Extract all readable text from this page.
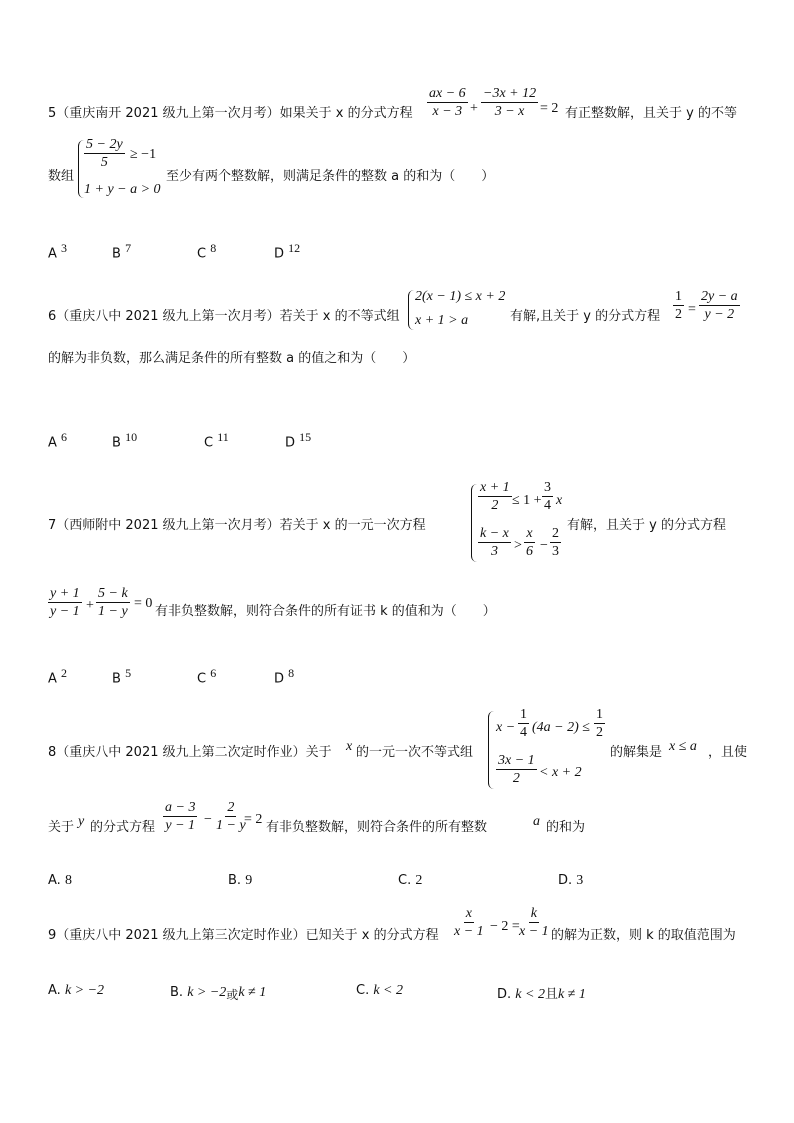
5（重庆南开 2021 级九上第一次月考）如果关于 x 的分式方程 $\frac{ax - 6}{x - 3} + \frac{-3x + 12}{3 - x} = 2$ 有正整数解，且关于 y 的不等
数组
$\frac{5 - 2y}{5} \ge -1$
1 + y − a > 0
至少有两个整数解，则满足条件的整数 a 的和为（　　）
A $^3$	B $^7$	C $^8$	D $^{12}$
6（重庆八中 2021 级九上第一次月考）若关于 x 的不等式组
2(x − 1) ≤ x + 2
x + 1 > a	有解,且关于 y 的分式方程 $\frac{1}{2} = \frac{2y - a}{y - 2}$
的解为非负数，那么满足条件的所有整数 a 的值之和为（　　）
A $^6$	B $^{10}$	C $^{11}$	D $^{15}$
7（西师附中 2021 级九上第一次月考）若关于 x 的一元一次方程
$\frac{x + 1}{2} \le 1 + \frac{3}{4}$ x
$\frac{k - x}{3} > \frac{x}{6} - \frac{2}{3}$
有解，且关于 y 的分式方程
$\frac{y + 1}{y - 1} + \frac{5 - k}{1 - y} = 0$
有非负整数解，则符合条件的所有证书 k 的值和为（　　）
A $^2$	B $^5$	C $^6$	D $^8$
8（重庆八中 2021 级九上第二次定时作业）关于 x 的一元一次不等式组
$x - \frac{1}{4} (4a - 2) \le \frac{1}{2}$
$\frac{3x - 1}{2} < x + 2$
的解集是 x ≤ a ，且使
关于 y 的分式方程 $\frac{a - 3}{y - 1} - \frac{2}{1 - y}$
= 2
有非负整数解，则符合条件的所有整数	a 的和为
A. 8	B. 9	C. 2	D. 3
9（重庆八中 2021 级九上第三次定时作业）已知关于 x 的分式方程 $\frac{x}{x - 1} - 2$ =
$\frac{k}{x - 1}$ 的解为正数，则 k 的取值范围为
A. k > −2	B. k > −2或k ≠ 1	C. k < 2	D. k < 2且k ≠ 1
